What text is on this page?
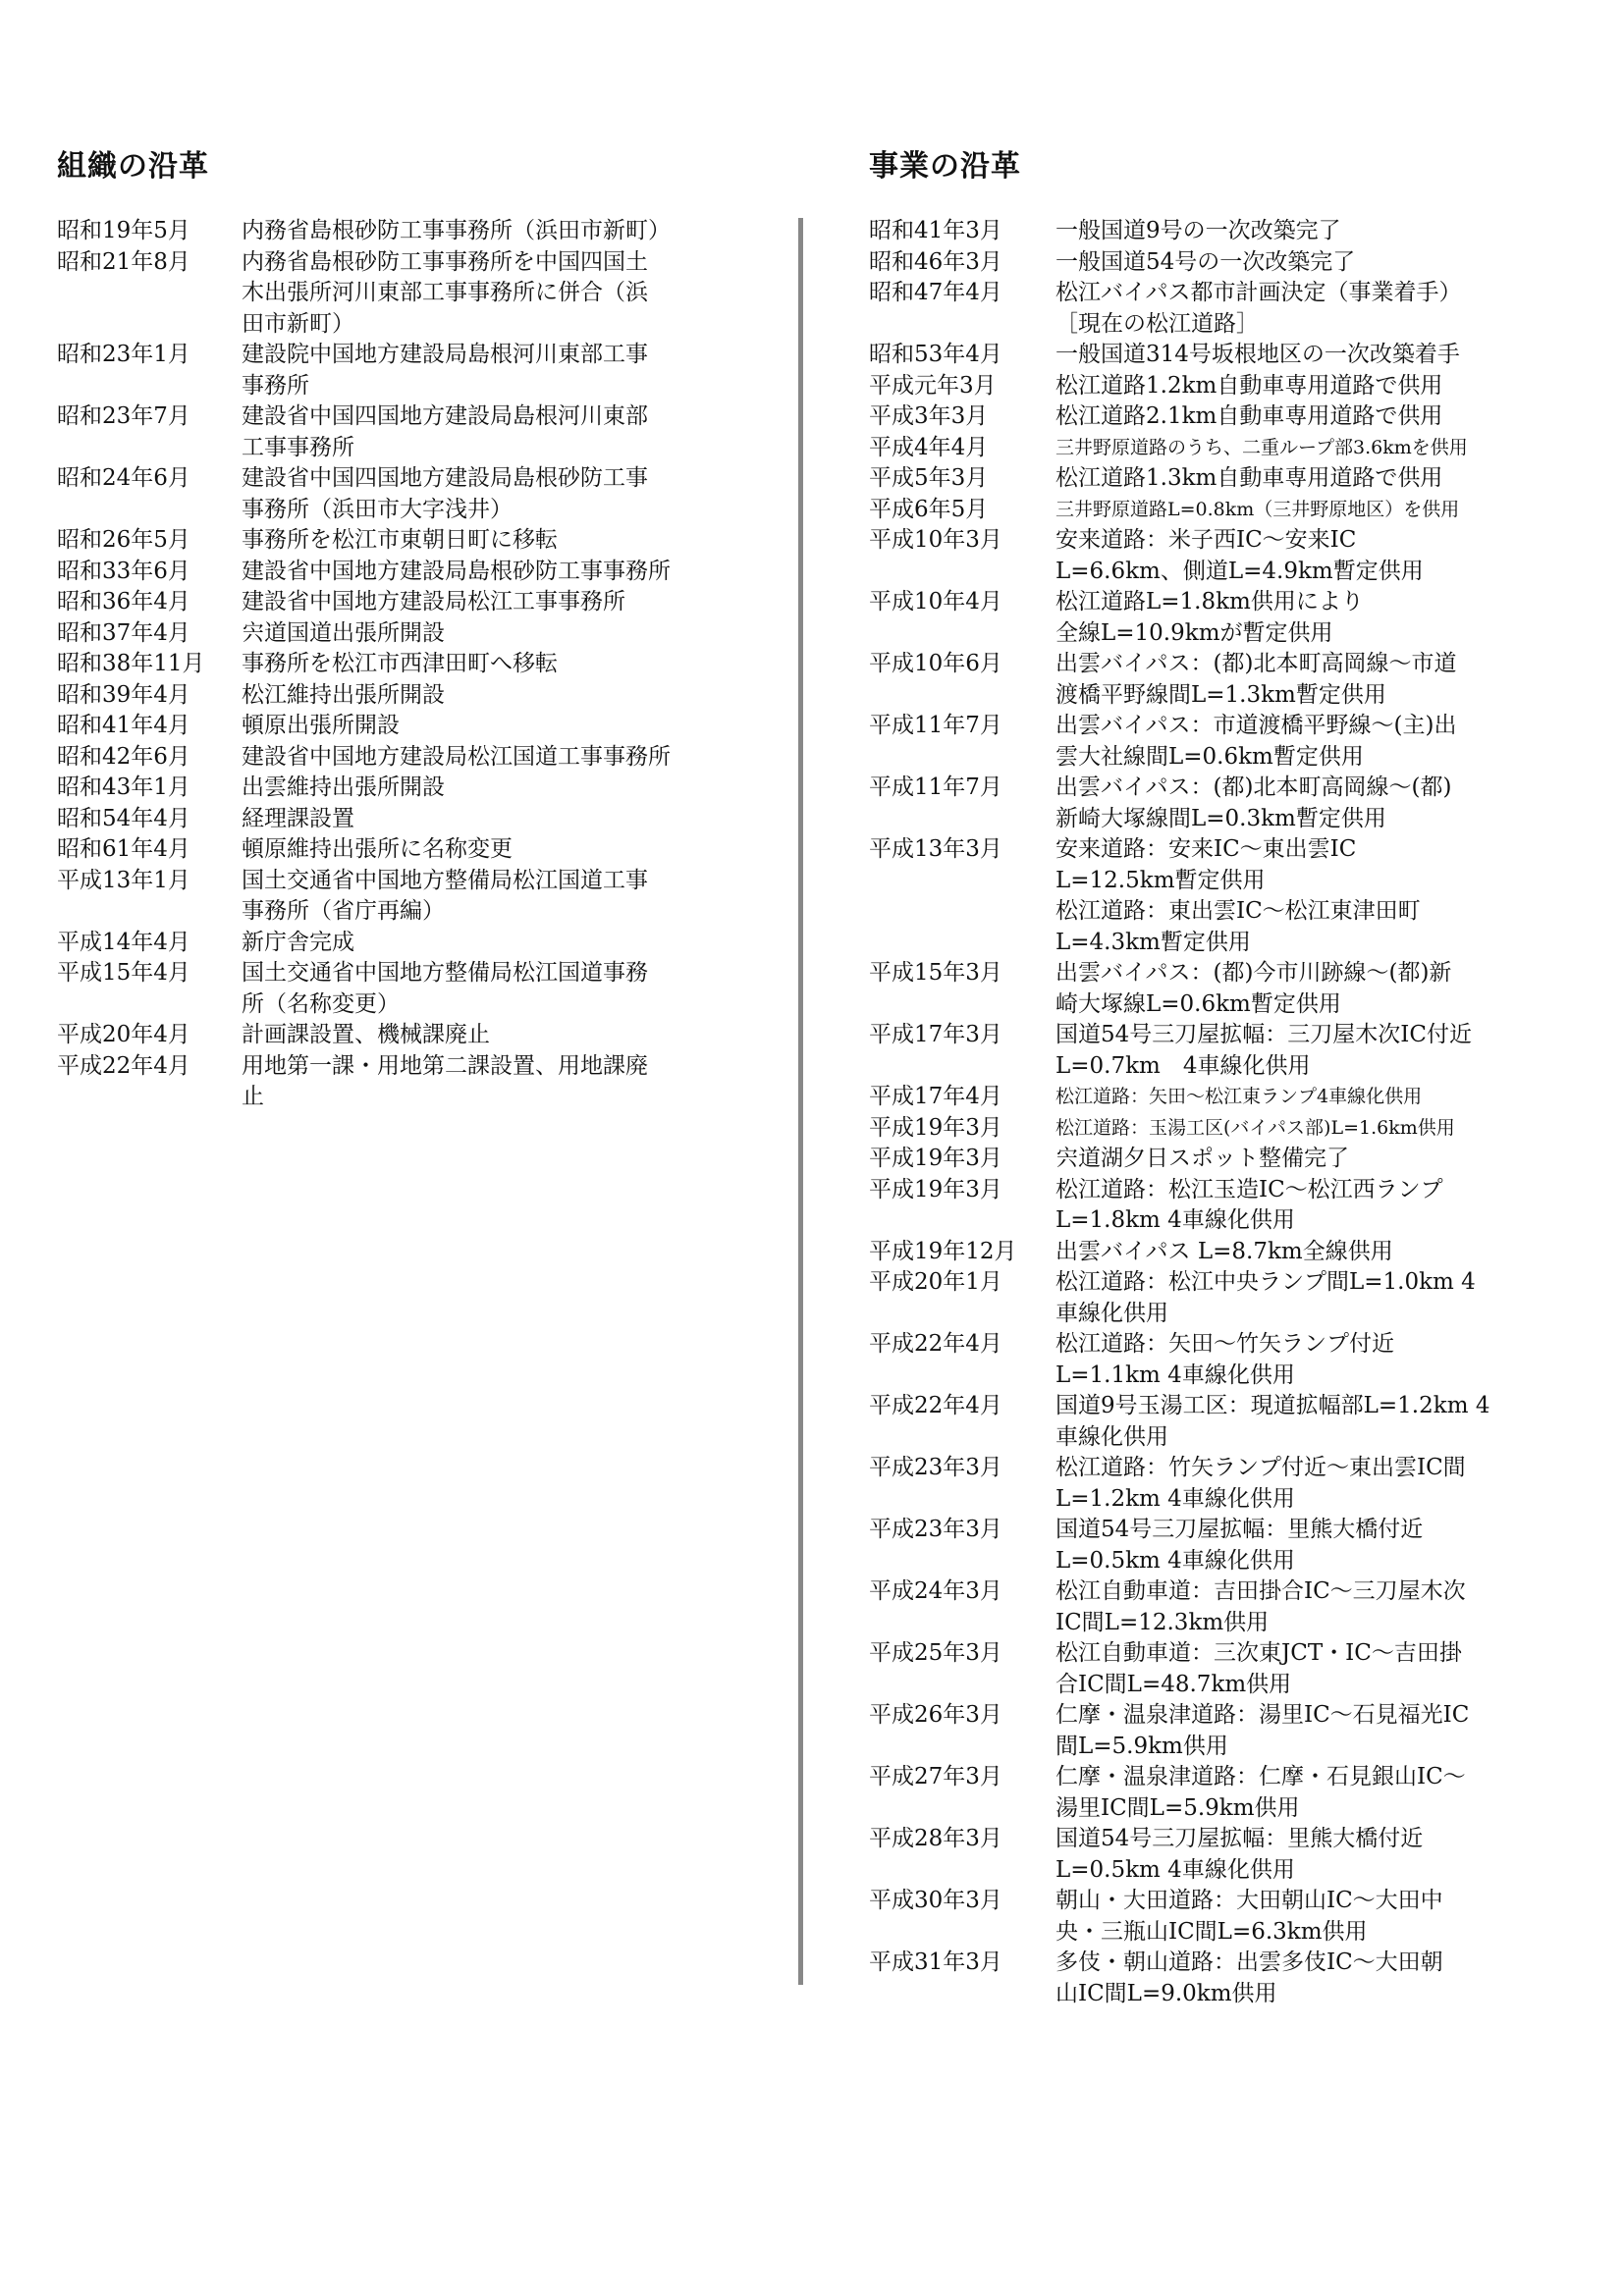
組織の沿革
昭和19年5月	内務省島根砂防工事事務所（浜田市新町）
昭和21年8月	内務省島根砂防工事事務所を中国四国土
木出張所河川東部工事事務所に併合（浜
田市新町）
昭和23年1月	建設院中国地方建設局島根河川東部工事
事務所
昭和23年7月	建設省中国四国地方建設局島根河川東部
工事事務所
昭和24年6月	建設省中国四国地方建設局島根砂防工事
事務所（浜田市大字浅井）
昭和26年5月	事務所を松江市東朝日町に移転
昭和33年6月	建設省中国地方建設局島根砂防工事事務所
昭和36年4月	建設省中国地方建設局松江工事事務所
昭和37年4月	宍道国道出張所開設
昭和38年11月	事務所を松江市西津田町へ移転
昭和39年4月	松江維持出張所開設
昭和41年4月	頓原出張所開設
昭和42年6月	建設省中国地方建設局松江国道工事事務所
昭和43年1月	出雲維持出張所開設
昭和54年4月	経理課設置
昭和61年4月	頓原維持出張所に名称変更
平成13年1月	国土交通省中国地方整備局松江国道工事
事務所（省庁再編）
平成14年4月	新庁舎完成
平成15年4月	国土交通省中国地方整備局松江国道事務
所（名称変更）
平成20年4月	計画課設置、機械課廃止
平成22年4月	用地第一課・用地第二課設置、用地課廃
止
事業の沿革
昭和41年3月	一般国道9号の一次改築完了
昭和46年3月	一般国道54号の一次改築完了
昭和47年4月	松江バイパス都市計画決定（事業着手）
［現在の松江道路］
昭和53年4月	一般国道314号坂根地区の一次改築着手
平成元年3月	松江道路1.2km自動車専用道路で供用
平成3年3月	松江道路2.1km自動車専用道路で供用
平成4年4月	三井野原道路のうち、二重ループ部3.6kmを供用
平成5年3月	松江道路1.3km自動車専用道路で供用
平成6年5月	三井野原道路L=0.8km（三井野原地区）を供用
平成10年3月	安来道路：米子西IC～安来IC
L=6.6km、側道L=4.9km暫定供用
平成10年4月	松江道路L=1.8km供用により
全線L=10.9kmが暫定供用
平成10年6月	出雲バイパス：(都)北本町高岡線～市道
渡橋平野線間L=1.3km暫定供用
平成11年7月	出雲バイパス：市道渡橋平野線～(主)出
雲大社線間L=0.6km暫定供用
平成11年7月	出雲バイパス：(都)北本町高岡線～(都)
新崎大塚線間L=0.3km暫定供用
平成13年3月	安来道路：安来IC～東出雲IC
L=12.5km暫定供用
松江道路：東出雲IC～松江東津田町
L=4.3km暫定供用
平成15年3月	出雲バイパス：(都)今市川跡線～(都)新
崎大塚線L=0.6km暫定供用
平成17年3月	国道54号三刀屋拡幅：三刀屋木次IC付近
L=0.7km　4車線化供用
平成17年4月	松江道路：矢田～松江東ランプ4車線化供用
平成19年3月	松江道路：玉湯工区(バイパス部)L=1.6km供用
平成19年3月	宍道湖夕日スポット整備完了
平成19年3月	松江道路：松江玉造IC～松江西ランプ
L=1.8km 4車線化供用
平成19年12月	出雲バイパス L=8.7km全線供用
平成20年1月	松江道路：松江中央ランプ間L=1.0km 4
車線化供用
平成22年4月	松江道路：矢田～竹矢ランプ付近
L=1.1km 4車線化供用
平成22年4月	国道9号玉湯工区：現道拡幅部L=1.2km 4
車線化供用
平成23年3月	松江道路：竹矢ランプ付近～東出雲IC間
L=1.2km 4車線化供用
平成23年3月	国道54号三刀屋拡幅：里熊大橋付近
L=0.5km 4車線化供用
平成24年3月	松江自動車道：吉田掛合IC～三刀屋木次
IC間L=12.3km供用
平成25年3月	松江自動車道：三次東JCT・IC～吉田掛
合IC間L=48.7km供用
平成26年3月	仁摩・温泉津道路：湯里IC～石見福光IC
間L=5.9km供用
平成27年3月	仁摩・温泉津道路：仁摩・石見銀山IC～
湯里IC間L=5.9km供用
平成28年3月	国道54号三刀屋拡幅：里熊大橋付近
L=0.5km 4車線化供用
平成30年3月	朝山・大田道路：大田朝山IC～大田中
央・三瓶山IC間L=6.3km供用
平成31年3月	多伎・朝山道路：出雲多伎IC～大田朝
山IC間L=9.0km供用
